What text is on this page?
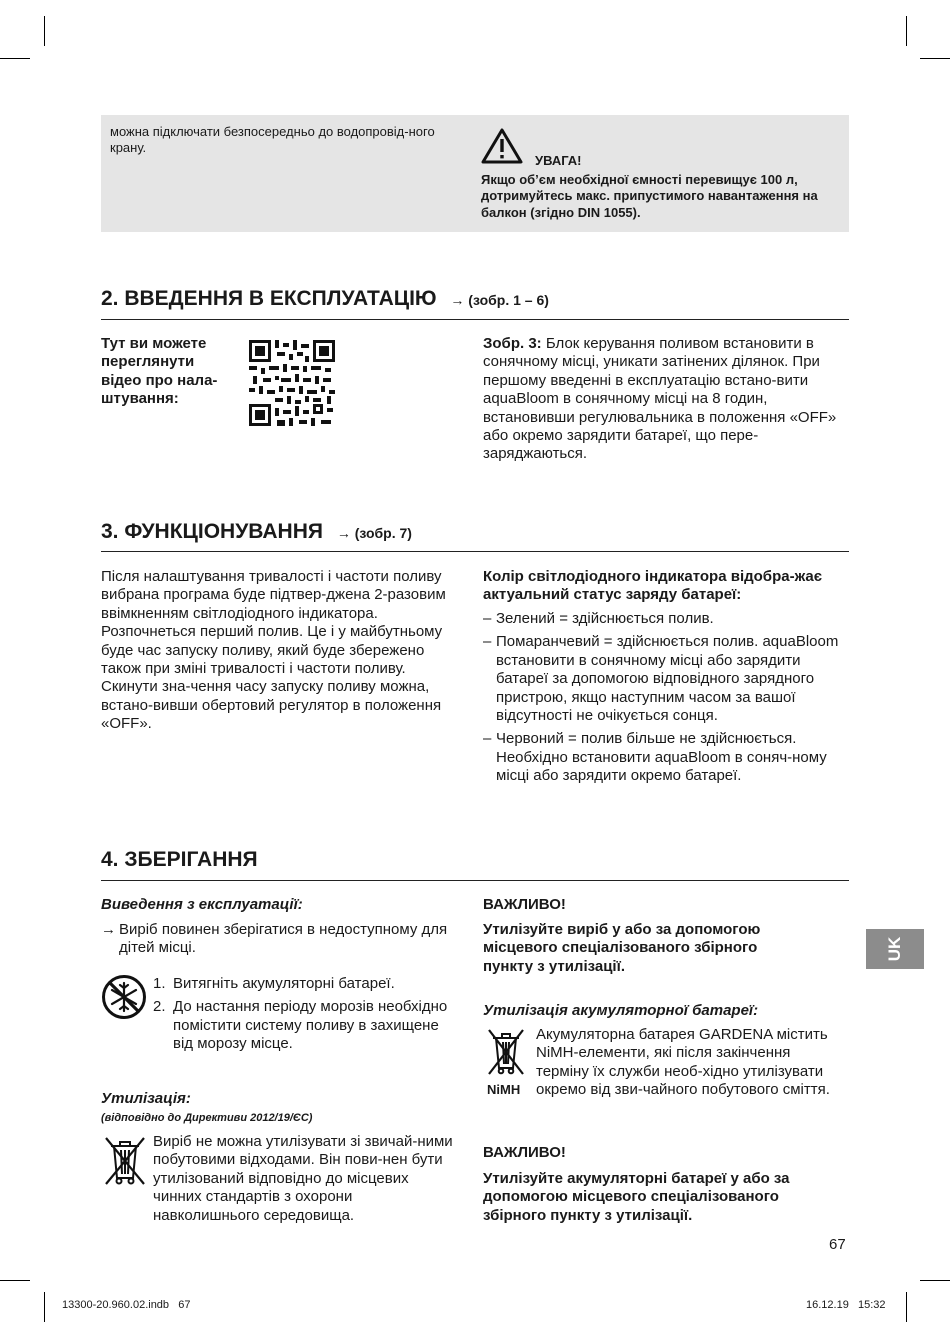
можна підключати безпосередньо до водопровід-ного крану.
УВАГА!
Якщо об’єм необхідної ємності перевищує 100 л, дотримуйтесь макс. припустимого навантаження на балкон (згідно DIN 1055).
2. ВВЕДЕННЯ В ЕКСПЛУАТАЦІЮ → (зобр. 1 – 6)
Тут ви можете переглянути відео про нала-штування:
Зобр. 3: Блок керування поливом встановити в сонячному місці, уникати затінених ділянок. При першому введенні в експлуатацію встано-вити aquaBloom в сонячному місці на 8 годин, встановивши регулювальника в положення «OFF» або окремо зарядити батареї, що пере-заряджаються.
3. ФУНКЦІОНУВАННЯ → (зобр. 7)
Після налаштування тривалості і частоти поливу вибрана програма буде підтвер-джена 2-разовим ввімкненням світлодіодного індикатора. Розпочнеться перший полив. Це і у майбутньому буде час запуску поливу, який буде збережено також при зміні тривалості і частоти поливу. Скинути зна-чення часу запуску поливу можна, встано-вивши обертовий регулятор в положення «OFF».
Колір світлодіодного індикатора відобра-жає актуальний статус заряду батареї:
– Зелений = здійснюється полив.
– Помаранчевий = здійснюється полив. aquaBloom встановити в сонячному місці або зарядити батареї за допомогою відповідного зарядного пристрою, якщо наступним часом за вашої відсутності не очікується сонця.
– Червоний = полив більше не здійснюється. Необхідно встановити aquaBloom в соняч-ному місці або зарядити окремо батареї.
4. ЗБЕРІГАННЯ
Виведення з експлуатації:
→ Виріб повинен зберігатися в недоступному для дітей місці.
1. Витягніть акумуляторні батареї.
2. До настання періоду морозів необхідно помістити систему поливу в захищене від морозу місце.
Утилізація:
(відповідно до Директиви 2012/19/ЄС)
Виріб не можна утилізувати зі звичай-ними побутовими відходами. Він пови-нен бути утилізований відповідно до місцевих чинних стандартів з охорони навколишнього середовища.
ВАЖЛИВО!
Утилізуйте виріб у або за допомогою місцевого спеціалізованого збірного пункту з утилізації.
Утилізація акумуляторної батареї:
NiMH
Акумуляторна батарея GARDENA містить NiMH-елементи, які після закінчення терміну їх служби необ-хідно утилізувати окремо від зви-чайного побутового сміття.
ВАЖЛИВО!
Утилізуйте акумуляторні батареї у або за допомогою місцевого спеціалізованого збірного пункту з утилізації.
UK
67
13300-20.960.02.indb   67	16.12.19   15:32
